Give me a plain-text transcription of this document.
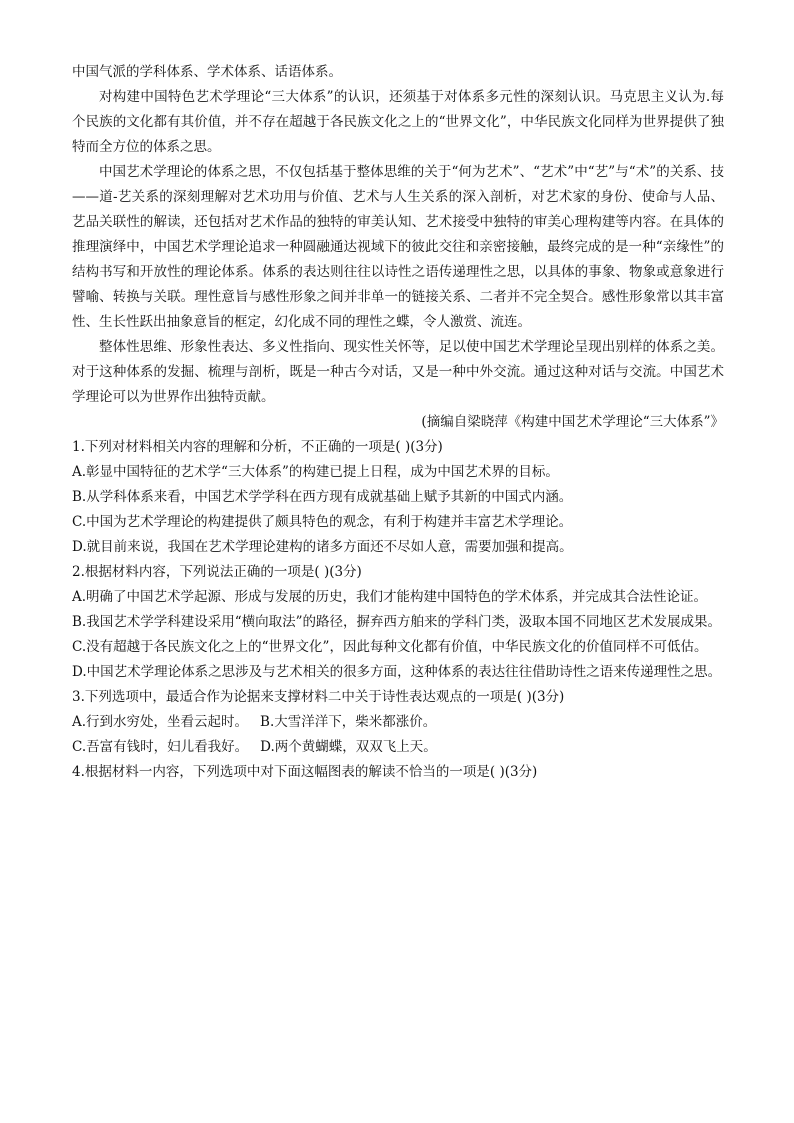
中国气派的学科体系、学术体系、话语体系。

对构建中国特色艺术学理论“三大体系”的认识，还须基于对体系多元性的深刻认识。马克思主义认为.每个民族的文化都有其价值，并不存在超越于各民族文化之上的“世界文化”，中华民族文化同样为世界提供了独特而全方位的体系之思。

中国艺术学理论的体系之思，不仅包括基于整体思维的关于“何为艺术”、“艺术”中“艺”与“术”的关系、技——道-艺关系的深刻理解对艺术功用与价值、艺术与人生关系的深入剖析，对艺术家的身份、使命与人品、艺品关联性的解读，还包括对艺术作品的独特的审美认知、艺术接受中独特的审美心理构建等内容。在具体的推理演绎中，中国艺术学理论追求一种圆融通达视域下的彼此交往和亲密接触，最终完成的是一种“亲缘性”的结构书写和开放性的理论体系。体系的表达则往往以诗性之语传递理性之思，以具体的事象、物象或意象进行譬喻、转换与关联。理性意旨与感性形象之间并非单一的链接关系、二者并不完全契合。感性形象常以其丰富性、生长性跃出抽象意旨的框定，幻化成不同的理性之蝶，令人激赏、流连。

整体性思维、形象性表达、多义性指向、现实性关怀等，足以使中国艺术学理论呈现出别样的体系之美。对于这种体系的发掘、梳理与剖析，既是一种古今对话，又是一种中外交流。通过这种对话与交流。中国艺术学理论可以为世界作出独特贡献。

(摘编自梁晓萍《构建中国艺术学理论“三大体系”》

1.下列对材料相关内容的理解和分析，不正确的一项是( )(3分)

A.彰显中国特征的艺术学“三大体系”的构建已提上日程，成为中国艺术界的目标。

B.从学科体系来看，中国艺术学学科在西方现有成就基础上赋予其新的中国式内涵。

C.中国为艺术学理论的构建提供了颇具特色的观念，有利于构建并丰富艺术学理论。

D.就目前来说，我国在艺术学理论建构的诸多方面还不尽如人意，需要加强和提高。

2.根据材料内容，下列说法正确的一项是( )(3分)

A.明确了中国艺术学起源、形成与发展的历史，我们才能构建中国特色的学术体系，并完成其合法性论证。

B.我国艺术学学科建设采用“横向取法”的路径，摒弃西方舶来的学科门类，汲取本国不同地区艺术发展成果。

C.没有超越于各民族文化之上的“世界文化”，因此每种文化都有价值，中华民族文化的价值同样不可低估。

D.中国艺术学理论体系之思涉及与艺术相关的很多方面，这种体系的表达往往借助诗性之语来传递理性之思。

3.下列选项中，最适合作为论据来支撑材料二中关于诗性表达观点的一项是( )(3分)

A.行到水穷处，坐看云起时。 B.大雪洋洋下，柴米都涨价。

C.吾富有钱时，妇儿看我好。 D.两个黄蝴蝶，双双飞上天。

4.根据材料一内容，下列选项中对下面这幅图表的解读不恰当的一项是( )(3分)
